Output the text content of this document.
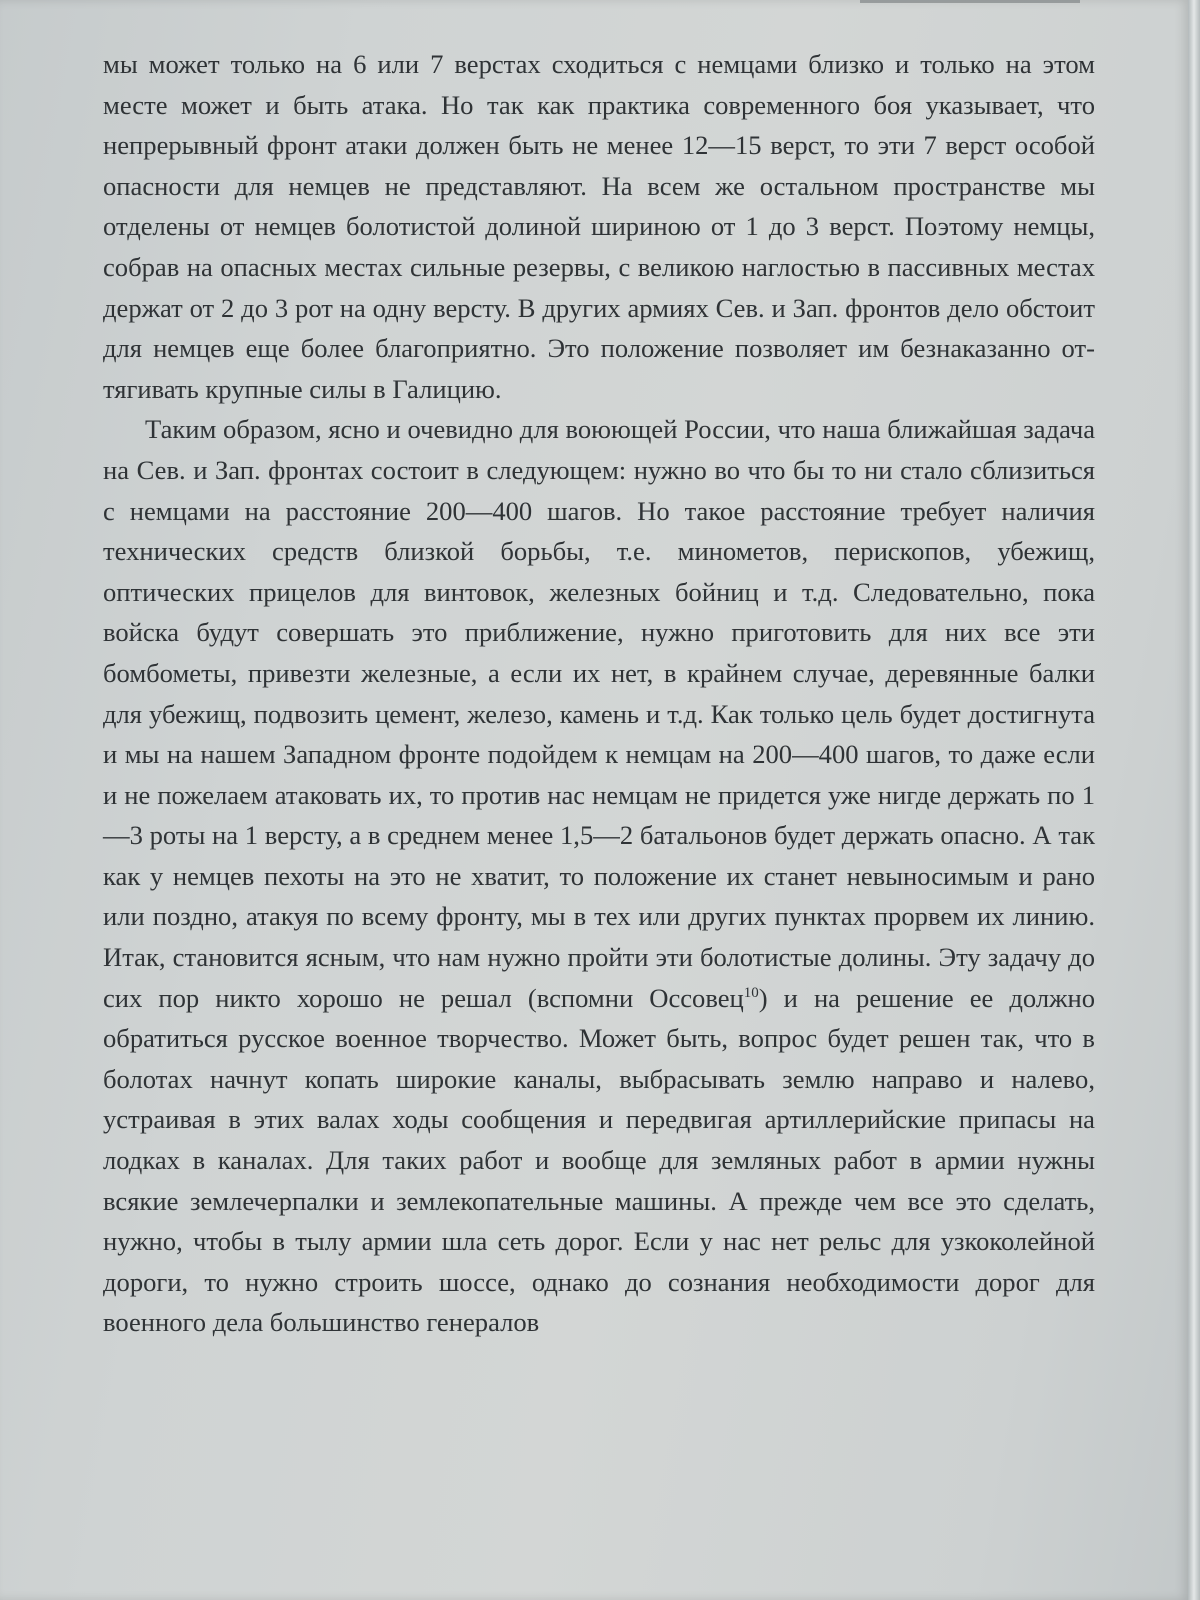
мы может только на 6 или 7 верстах сходиться с немцами близко и только на этом месте может и быть атака. Но так как практика современного боя указывает, что непрерывный фронт атаки должен быть не менее 12—15 верст, то эти 7 верст особой опасности для немцев не представляют. На всем же остальном пространстве мы отделены от немцев болотистой долиной шириною от 1 до 3 верст. Поэтому немцы, собрав на опасных местах сильные резервы, с великою наглостью в пассивных местах держат от 2 до 3 рот на одну версту. В других армиях Сев. и Зап. фронтов дело обстоит для немцев еще более благоприятно. Это положение позволяет им безнаказанно оттягивать крупные силы в Галицию.

Таким образом, ясно и очевидно для воюющей России, что наша ближайшая задача на Сев. и Зап. фронтах состоит в следующем: нужно во что бы то ни стало сблизиться с немцами на расстояние 200—400 шагов. Но такое расстояние требует наличия технических средств близкой борьбы, т.е. минометов, перископов, убежищ, оптических прицелов для винтовок, железных бойниц и т.д. Следовательно, пока войска будут совершать это приближение, нужно приготовить для них все эти бомбометы, привезти железные, а если их нет, в крайнем случае, деревянные балки для убежищ, подвозить цемент, железо, камень и т.д. Как только цель будет достигнута и мы на нашем Западном фронте подойдем к немцам на 200—400 шагов, то даже если и не пожелаем атаковать их, то против нас немцам не придется уже нигде держать по 1—3 роты на 1 версту, а в среднем менее 1,5—2 батальонов будет держать опасно. А так как у немцев пехоты на это не хватит, то положение их станет невыносимым и рано или поздно, атакуя по всему фронту, мы в тех или других пунктах прорвем их линию. Итак, становится ясным, что нам нужно пройти эти болотистые долины. Эту задачу до сих пор никто хорошо не решал (вспомни Оссовец$^{10}$) и на решение ее должно обратиться русское военное творчество. Может быть, вопрос будет решен так, что в болотах начнут копать широкие каналы, выбрасывать землю направо и налево, устраивая в этих валах ходы сообщения и передвигая артиллерийские припасы на лодках в каналах. Для таких работ и вообще для земляных работ в армии нужны всякие землечерпалки и землекопательные машины. А прежде чем все это сделать, нужно, чтобы в тылу армии шла сеть дорог. Если у нас нет рельс для узкоколейной дороги, то нужно строить шоссе, однако до сознания необходимости дорог для военного дела большинство генералов
